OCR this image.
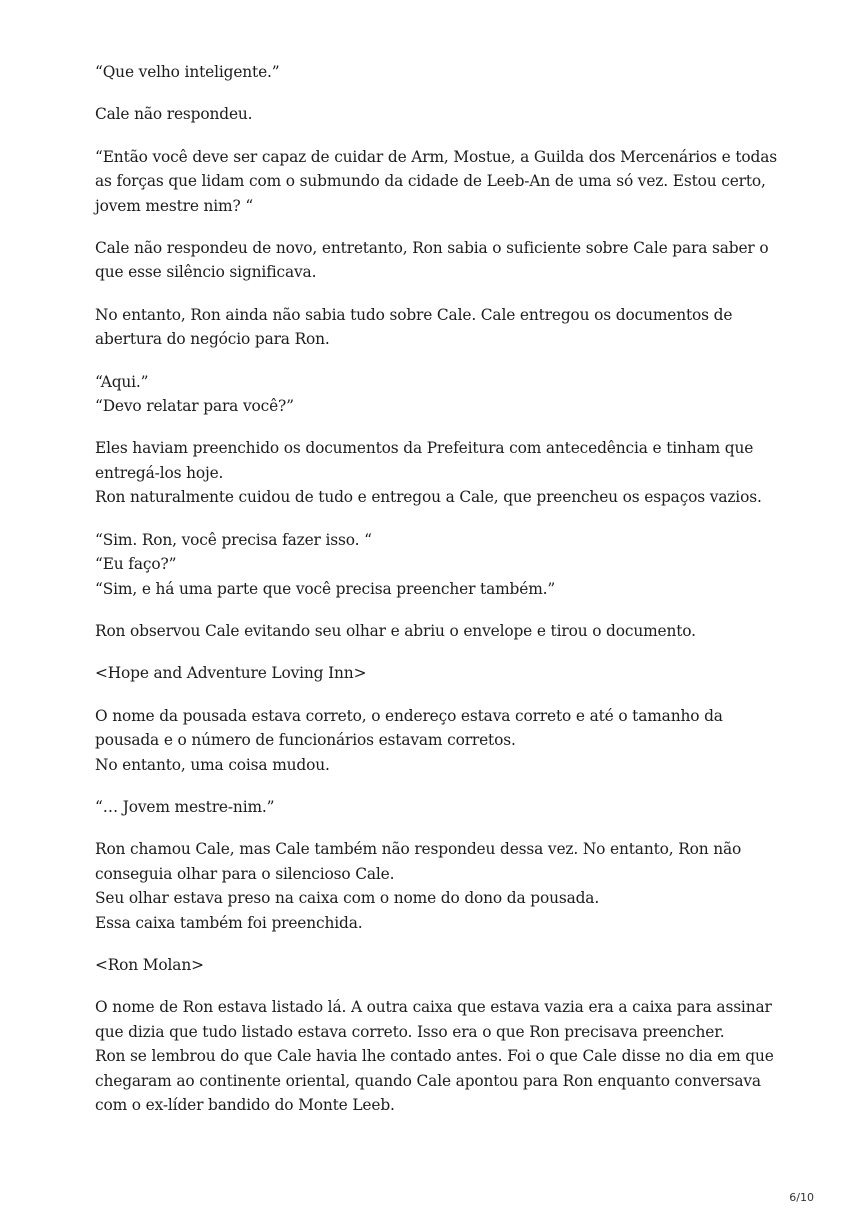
“Que velho inteligente.”

Cale não respondeu.

“Então você deve ser capaz de cuidar de Arm, Mostue, a Guilda dos Mercenários e todas
as forças que lidam com o submundo da cidade de Leeb-An de uma só vez. Estou certo,
jovem mestre nim? “

Cale não respondeu de novo, entretanto, Ron sabia o suficiente sobre Cale para saber o
que esse silêncio significava.

No entanto, Ron ainda não sabia tudo sobre Cale. Cale entregou os documentos de
abertura do negócio para Ron.

“Aqui.”
“Devo relatar para você?”

Eles haviam preenchido os documentos da Prefeitura com antecedência e tinham que
entregá-los hoje.
Ron naturalmente cuidou de tudo e entregou a Cale, que preencheu os espaços vazios.

“Sim. Ron, você precisa fazer isso. “
“Eu faço?”
“Sim, e há uma parte que você precisa preencher também.”

Ron observou Cale evitando seu olhar e abriu o envelope e tirou o documento.

<Hope and Adventure Loving Inn>

O nome da pousada estava correto, o endereço estava correto e até o tamanho da
pousada e o número de funcionários estavam corretos.
No entanto, uma coisa mudou.

“… Jovem mestre-nim.”

Ron chamou Cale, mas Cale também não respondeu dessa vez. No entanto, Ron não
conseguia olhar para o silencioso Cale.
Seu olhar estava preso na caixa com o nome do dono da pousada.
Essa caixa também foi preenchida.

<Ron Molan>

O nome de Ron estava listado lá. A outra caixa que estava vazia era a caixa para assinar
que dizia que tudo listado estava correto. Isso era o que Ron precisava preencher.
Ron se lembrou do que Cale havia lhe contado antes. Foi o que Cale disse no dia em que
chegaram ao continente oriental, quando Cale apontou para Ron enquanto conversava
com o ex-líder bandido do Monte Leeb.

6/10
